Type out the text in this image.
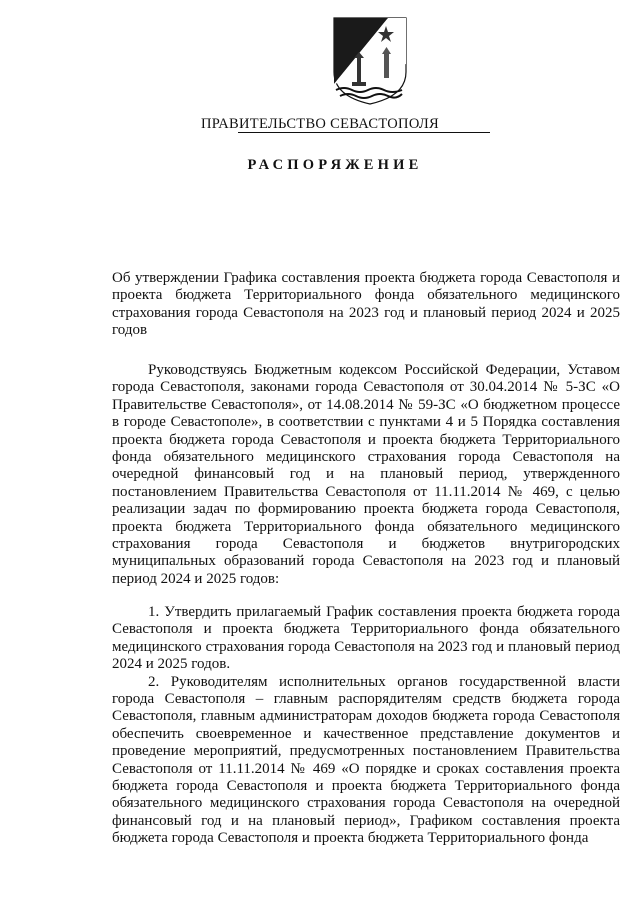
ПРАВИТЕЛЬСТВО СЕВАСТОПОЛЯ
РАСПОРЯЖЕНИЕ
Об утверждении Графика составления проекта бюджета города Севастополя и проекта бюджета Территориального фонда обязательного медицинского страхования города Севастополя на 2023 год и плановый период 2024 и 2025 годов

Руководствуясь Бюджетным кодексом Российской Федерации, Уставом города Севастополя, законами города Севастополя от 30.04.2014 № 5-ЗС «О Правительстве Севастополя», от 14.08.2014 № 59-ЗС «О бюджетном процессе в городе Севастополе», в соответствии с пунктами 4 и 5 Порядка составления проекта бюджета города Севастополя и проекта бюджета Территориального фонда обязательного медицинского страхования города Севастополя на очередной финансовый год и на плановый период, утвержденного постановлением Правительства Севастополя от 11.11.2014 № 469, с целью реализации задач по формированию проекта бюджета города Севастополя, проекта бюджета Территориального фонда обязательного медицинского страхования города Севастополя и бюджетов внутригородских муниципальных образований города Севастополя на 2023 год и плановый период 2024 и 2025 годов:

1. Утвердить прилагаемый График составления проекта бюджета города Севастополя и проекта бюджета Территориального фонда обязательного медицинского страхования города Севастополя на 2023 год и плановый период 2024 и 2025 годов.

2. Руководителям исполнительных органов государственной власти города Севастополя – главным распорядителям средств бюджета города Севастополя, главным администраторам доходов бюджета города Севастополя обеспечить своевременное и качественное представление документов и проведение мероприятий, предусмотренных постановлением Правительства Севастополя от 11.11.2014 № 469 «О порядке и сроках составления проекта бюджета города Севастополя и проекта бюджета Территориального фонда обязательного медицинского страхования города Севастополя на очередной финансовый год и на плановый период», Графиком составления проекта бюджета города Севастополя и проекта бюджета Территориального фонда
